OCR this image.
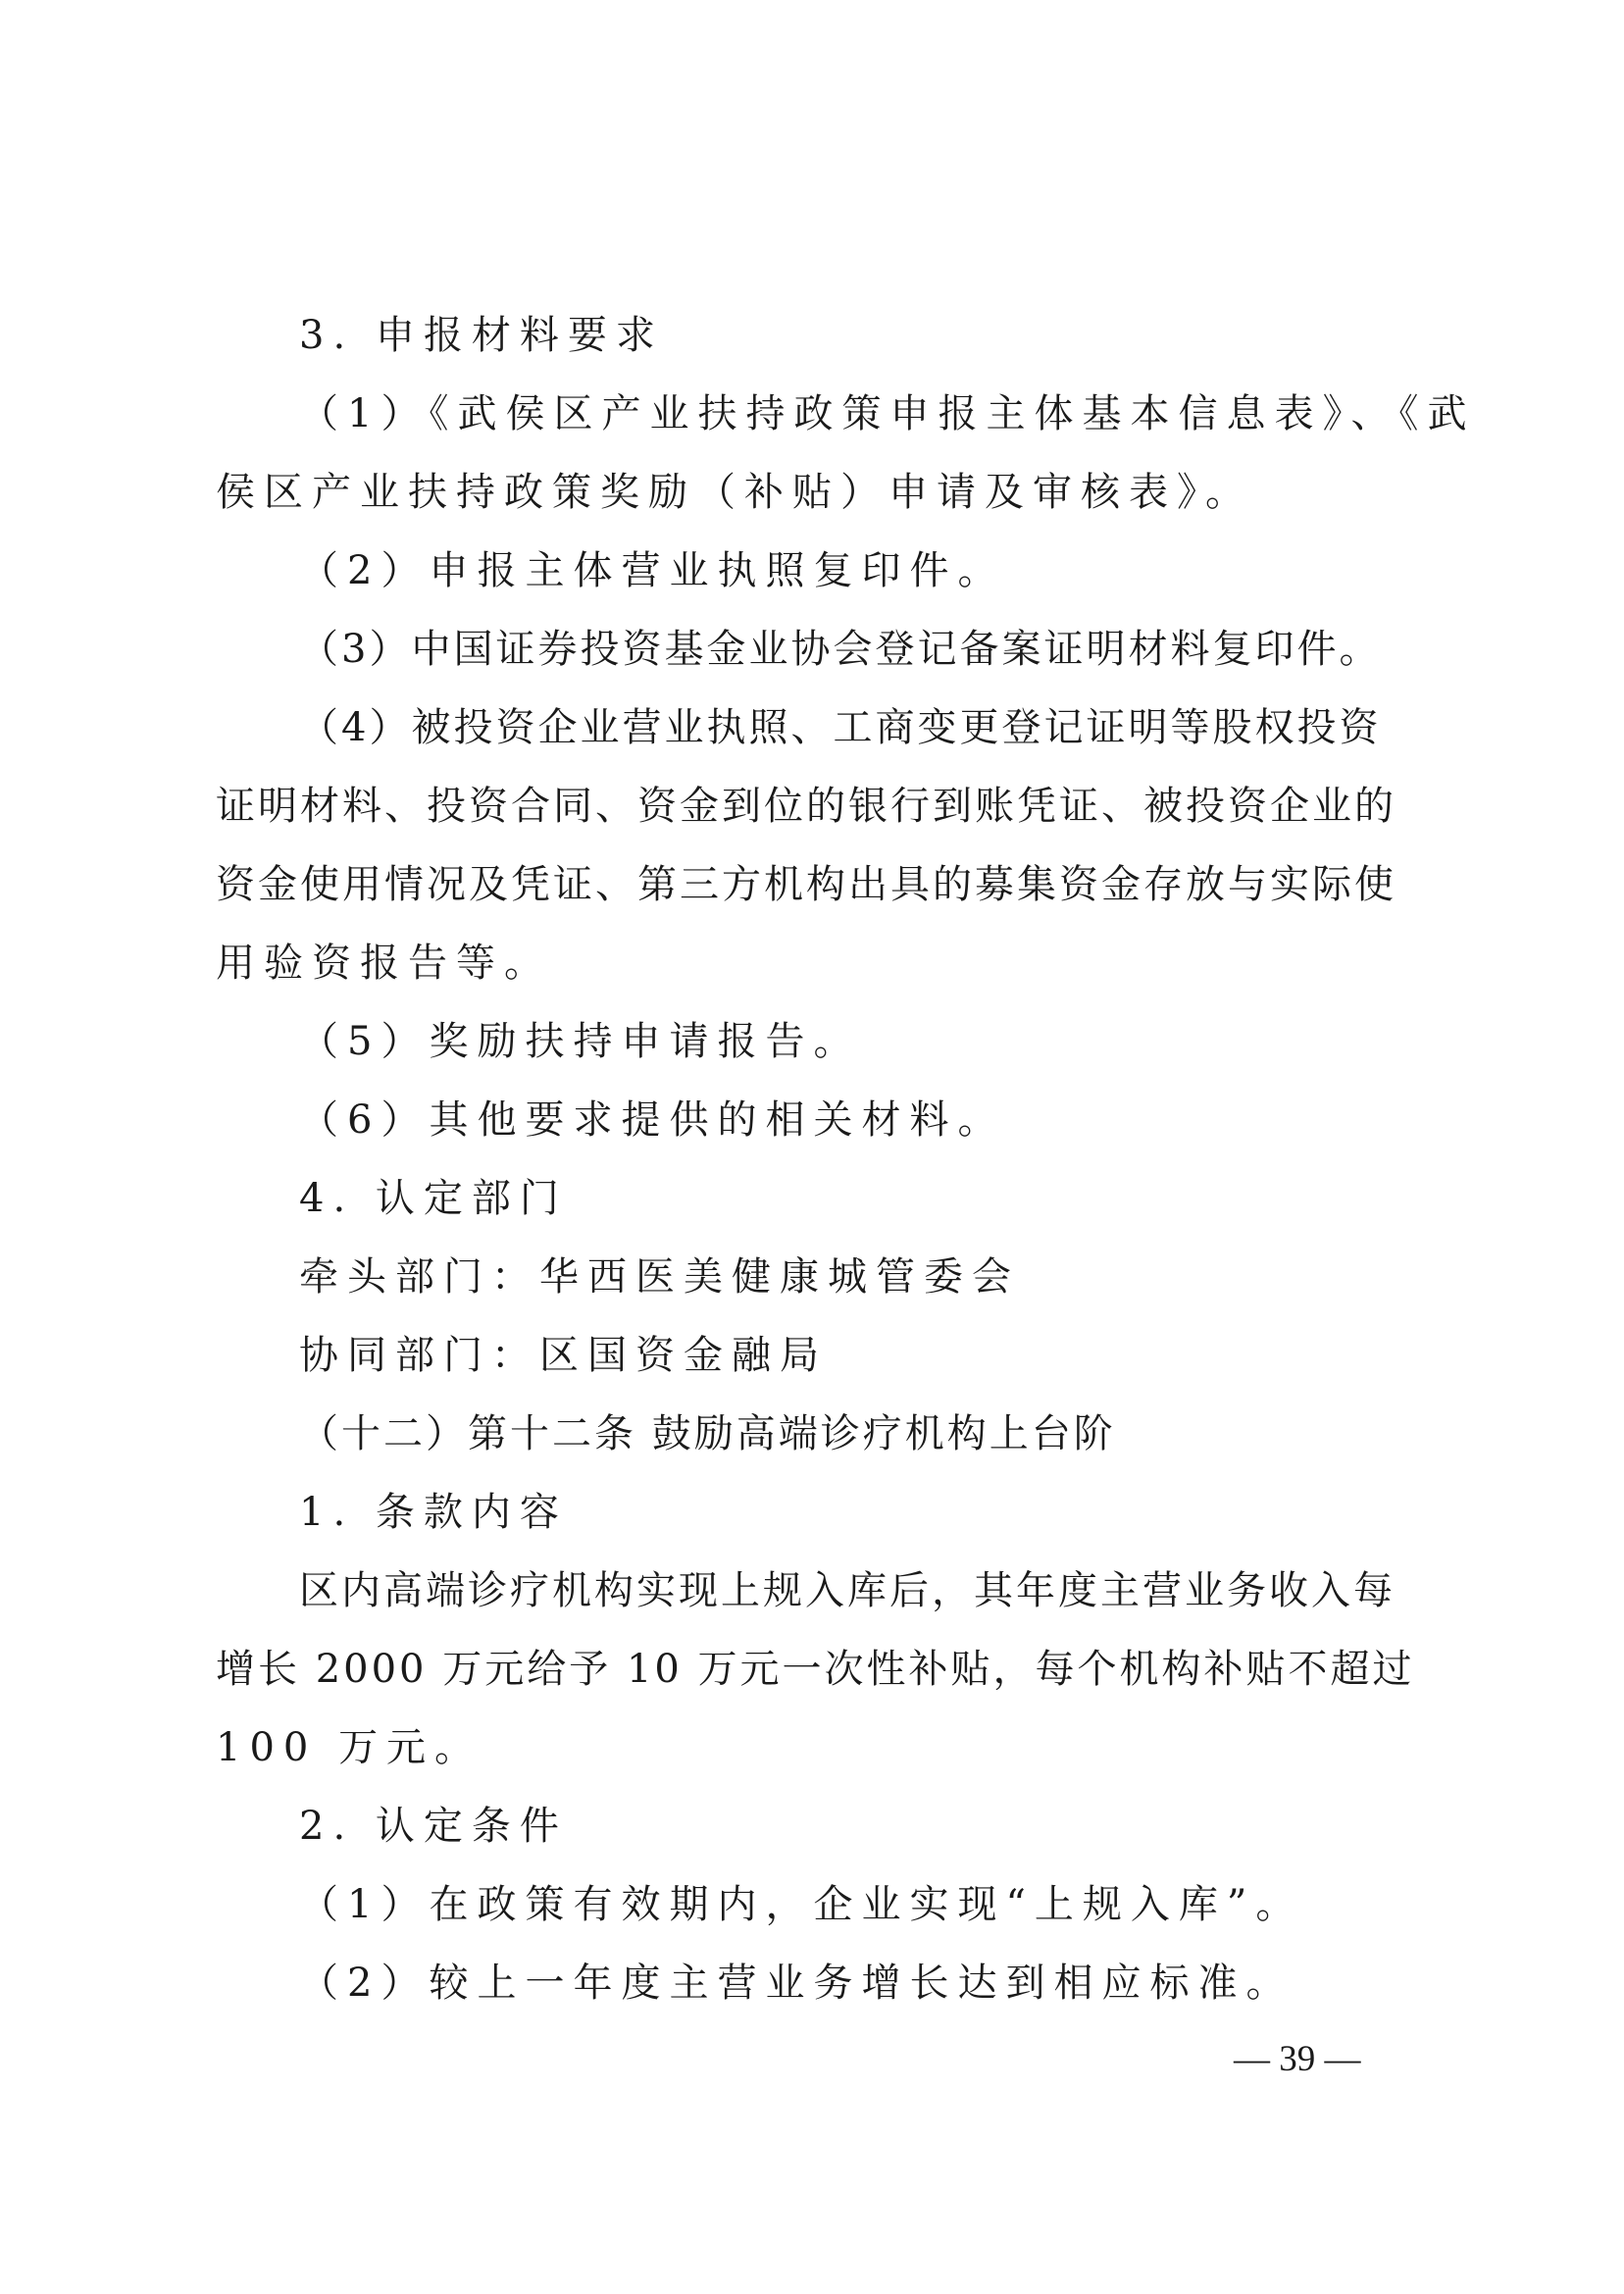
3. 申报材料要求
（1）《武侯区产业扶持政策申报主体基本信息表》、《武
侯区产业扶持政策奖励（补贴）申请及审核表》。
（2）申报主体营业执照复印件。
（3）中国证券投资基金业协会登记备案证明材料复印件。
（4）被投资企业营业执照、工商变更登记证明等股权投资
证明材料、投资合同、资金到位的银行到账凭证、被投资企业的
资金使用情况及凭证、第三方机构出具的募集资金存放与实际使
用验资报告等。
（5）奖励扶持申请报告。
（6）其他要求提供的相关材料。
4. 认定部门
牵头部门：华西医美健康城管委会
协同部门：区国资金融局
（十二）第十二条 鼓励高端诊疗机构上台阶
1. 条款内容
区内高端诊疗机构实现上规入库后，其年度主营业务收入每
增长 2000 万元给予 10 万元一次性补贴，每个机构补贴不超过
100 万元。
2. 认定条件
（1）在政策有效期内，企业实现“上规入库”。
（2）较上一年度主营业务增长达到相应标准。
— 39 —
